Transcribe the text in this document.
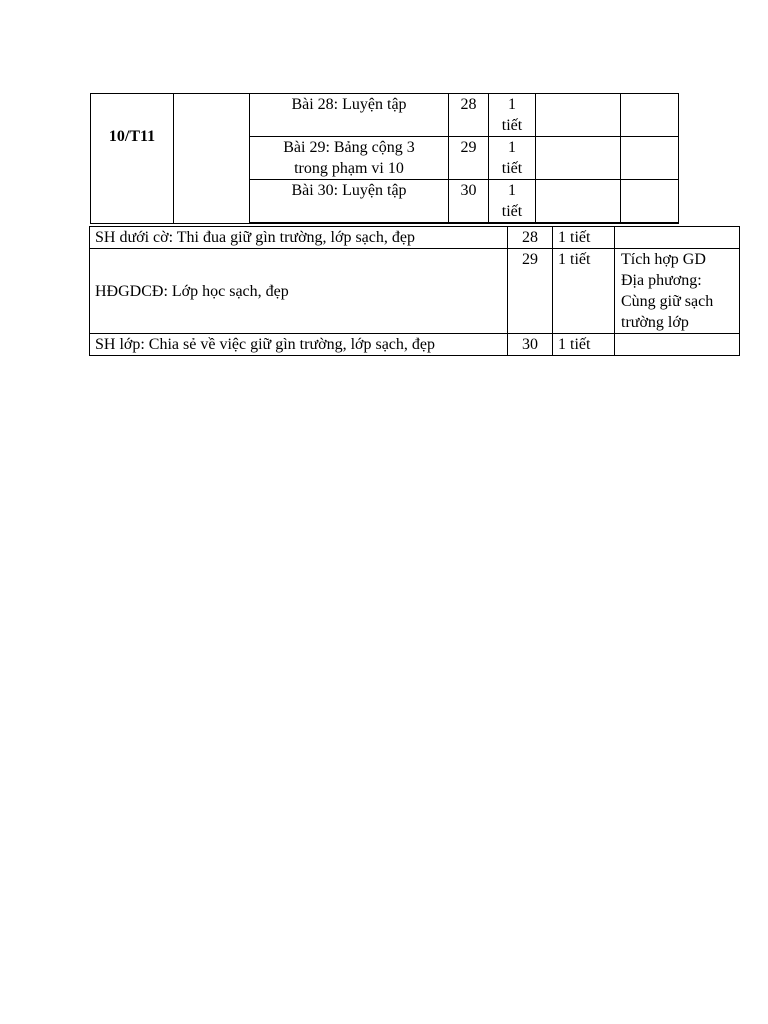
10/T11		Bài 28: Luyện tập	28	1
tiết		
		Bài 29: Bảng cộng 3
trong phạm vi 10	29	1
tiết		
		Bài 30: Luyện tập	30	1
tiết		
SH dưới cờ: Thi đua giữ gìn trường, lớp sạch, đẹp	28	1 tiết	
HĐGDCĐ: Lớp học sạch, đẹp	29	1 tiết	Tích hợp GD
Địa phương:
Cùng giữ sạch
trường lớp
SH lớp: Chia sẻ về việc giữ gìn trường, lớp sạch, đẹp	30	1 tiết	
